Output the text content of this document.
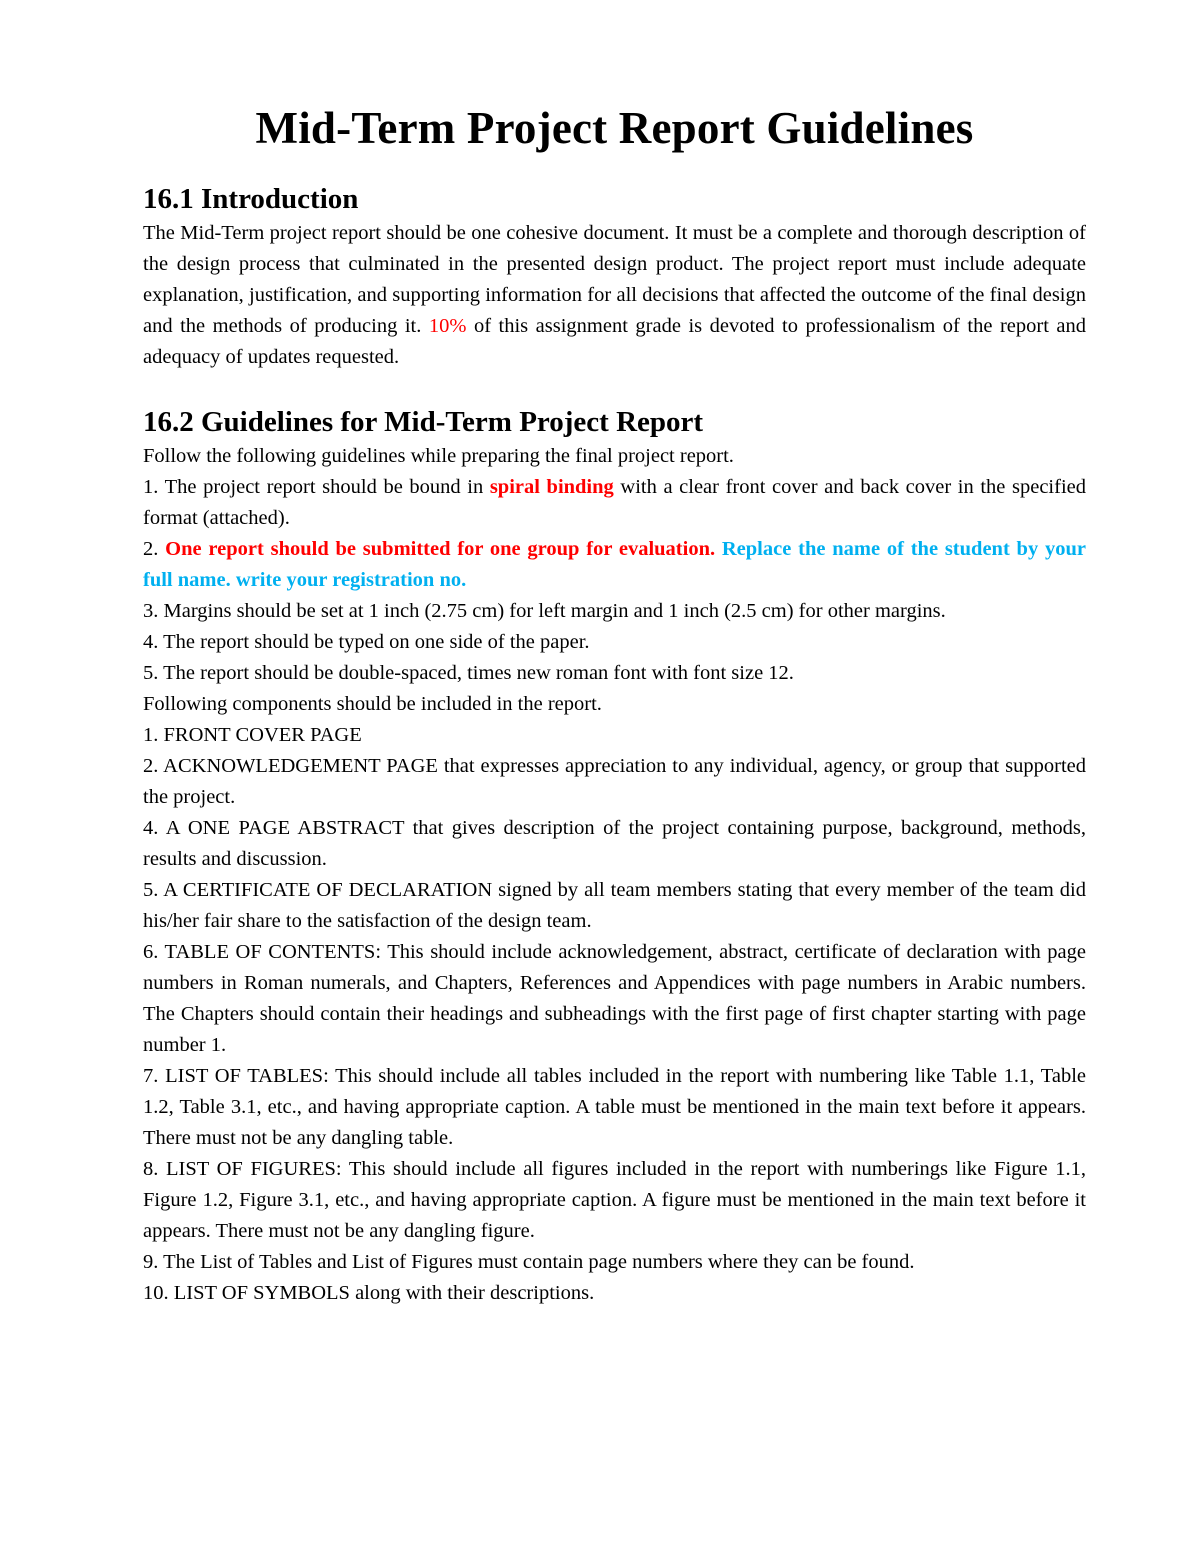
Mid-Term Project Report Guidelines
16.1 Introduction

The Mid-Term project report should be one cohesive document. It must be a complete and thorough description of the design process that culminated in the presented design product. The project report must include adequate explanation, justification, and supporting information for all decisions that affected the outcome of the final design and the methods of producing it. 10% of this assignment grade is devoted to professionalism of the report and adequacy of updates requested.

16.2 Guidelines for Mid-Term Project Report

Follow the following guidelines while preparing the final project report.

1. The project report should be bound in spiral binding with a clear front cover and back cover in the specified format (attached).

2. One report should be submitted for one group for evaluation. Replace the name of the student by your full name. write your registration no.

3. Margins should be set at 1 inch (2.75 cm) for left margin and 1 inch (2.5 cm) for other margins.

4. The report should be typed on one side of the paper.

5. The report should be double-spaced, times new roman font with font size 12.

Following components should be included in the report.

1. FRONT COVER PAGE

2. ACKNOWLEDGEMENT PAGE that expresses appreciation to any individual, agency, or group that supported the project.

4. A ONE PAGE ABSTRACT that gives description of the project containing purpose, background, methods, results and discussion.

5. A CERTIFICATE OF DECLARATION signed by all team members stating that every member of the team did his/her fair share to the satisfaction of the design team.

6. TABLE OF CONTENTS: This should include acknowledgement, abstract, certificate of declaration with page numbers in Roman numerals, and Chapters, References and Appendices with page numbers in Arabic numbers. The Chapters should contain their headings and subheadings with the first page of first chapter starting with page number 1.

7. LIST OF TABLES: This should include all tables included in the report with numbering like Table 1.1, Table 1.2, Table 3.1, etc., and having appropriate caption. A table must be mentioned in the main text before it appears. There must not be any dangling table.

8. LIST OF FIGURES: This should include all figures included in the report with numberings like Figure 1.1, Figure 1.2, Figure 3.1, etc., and having appropriate caption. A figure must be mentioned in the main text before it appears. There must not be any dangling figure.

9. The List of Tables and List of Figures must contain page numbers where they can be found.

10. LIST OF SYMBOLS along with their descriptions.
